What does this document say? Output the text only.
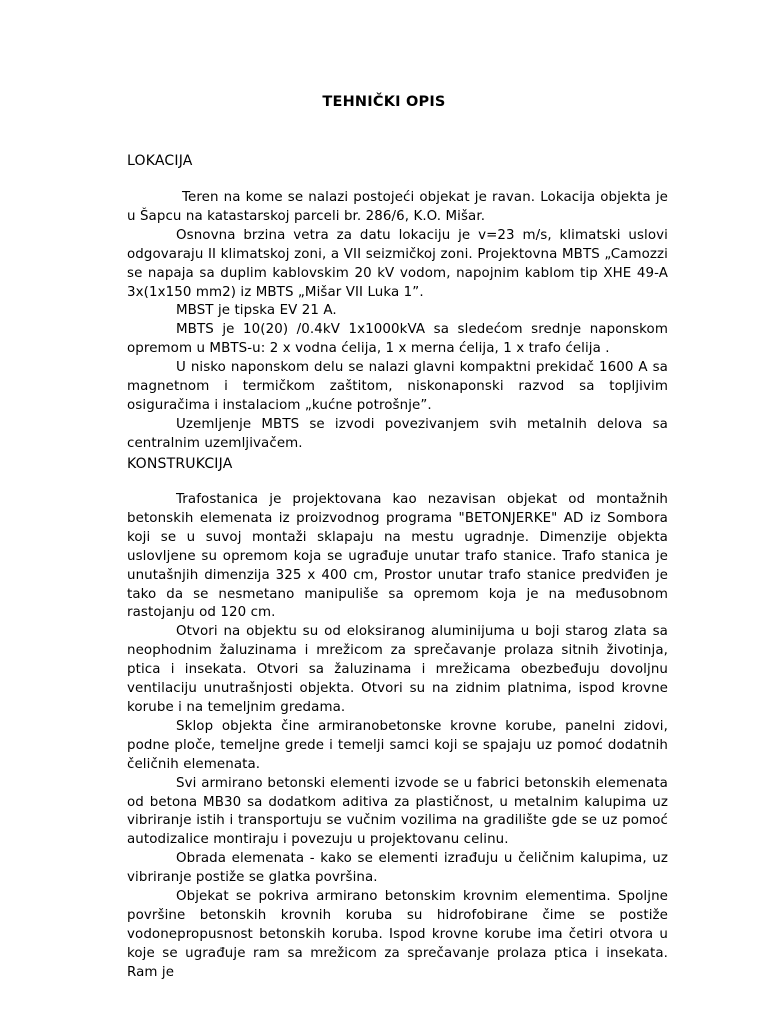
TEHNIČKI OPIS
LOKACIJA

Teren na kome se nalazi postojeći objekat je ravan. Lokacija objekta je u Šapcu na katastarskoj parceli br. 286/6, K.O. Mišar.

Osnovna brzina vetra za datu lokaciju je v=23 m/s, klimatski uslovi odgovaraju II klimatskoj zoni, a VII seizmičkoj zoni. Projektovna MBTS „Camozzi se napaja sa duplim kablovskim 20 kV vodom, napojnim kablom tip XHE 49-A 3x(1x150 mm2) iz MBTS „Mišar VII Luka 1”.

MBST je tipska EV 21 A.

MBTS je 10(20) /0.4kV 1x1000kVA sa sledećom srednje naponskom opremom u MBTS-u: 2 x vodna ćelija, 1 x merna ćelija, 1 x trafo ćelija .

U nisko naponskom delu se nalazi glavni kompaktni prekidač 1600 A sa magnetnom i termičkom zaštitom, niskonaponski razvod sa topljivim osiguračima i instalaciom „kućne potrošnje”.

Uzemljenje MBTS se izvodi povezivanjem svih metalnih delova sa centralnim uzemljivačem.

KONSTRUKCIJA

Trafostanica je projektovana kao nezavisan objekat od montažnih betonskih elemenata iz proizvodnog programa "BETONJERKE" AD iz Sombora koji se u suvoj montaži sklapaju na mestu ugradnje. Dimenzije objekta uslovljene su opremom koja se ugrađuje unutar trafo stanice. Trafo stanica je unutašnjih dimenzija 325 x 400 cm, Prostor unutar trafo stanice predviđen je tako da se nesmetano manipuliše sa opremom koja je na međusobnom rastojanju od 120 cm.

Otvori na objektu su od eloksiranog aluminijuma u boji starog zlata sa neophodnim žaluzinama i mrežicom za sprečavanje prolaza sitnih životinja, ptica i insekata. Otvori sa žaluzinama i mrežicama obezbeđuju dovoljnu ventilaciju unutrašnjosti objekta. Otvori su na zidnim platnima, ispod krovne korube i na temeljnim gredama.

Sklop objekta čine armiranobetonske krovne korube, panelni zidovi, podne ploče, temeljne grede i temelji samci koji se spajaju uz pomoć dodatnih čeličnih elemenata.

Svi armirano betonski elementi izvode se u fabrici betonskih elemenata od betona MB30 sa dodatkom aditiva za plastičnost, u metalnim kalupima uz vibriranje istih i transportuju se vučnim vozilima na gradilište gde se uz pomoć autodizalice montiraju i povezuju u projektovanu celinu.

Obrada elemenata - kako se elementi izrađuju u čeličnim kalupima, uz vibriranje postiže se glatka površina.

Objekat se pokriva armirano betonskim krovnim elementima. Spoljne površine betonskih krovnih koruba su hidrofobirane čime se postiže vodonepropusnost betonskih koruba. Ispod krovne korube ima četiri otvora u koje se ugrađuje ram sa mrežicom za sprečavanje prolaza ptica i insekata. Ram je
